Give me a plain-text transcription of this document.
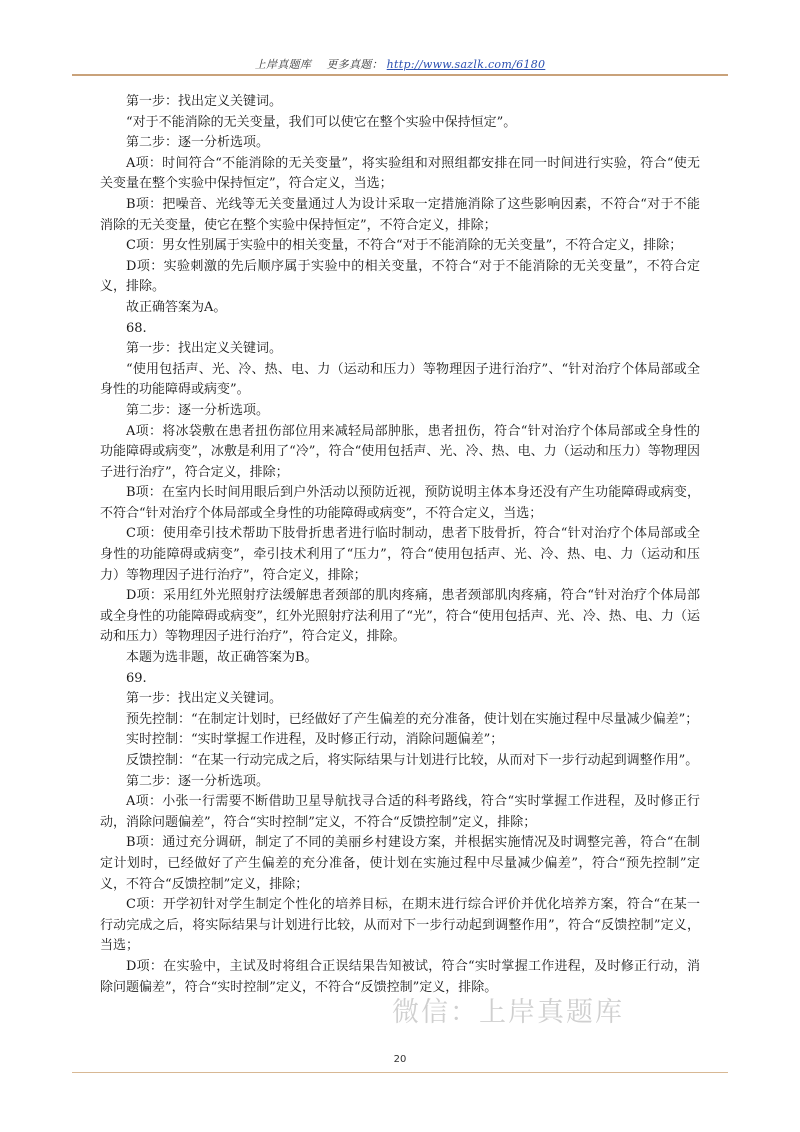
上岸真题库 更多真题： http://www.sazlk.com/6180

第一步：找出定义关键词。

“对于不能消除的无关变量，我们可以使它在整个实验中保持恒定”。

第二步：逐一分析选项。

A项：时间符合“不能消除的无关变量”，将实验组和对照组都安排在同一时间进行实验，符合“使无关变量在整个实验中保持恒定”，符合定义，当选；

B项：把噪音、光线等无关变量通过人为设计采取一定措施消除了这些影响因素，不符合“对于不能消除的无关变量，使它在整个实验中保持恒定”，不符合定义，排除；

C项：男女性别属于实验中的相关变量，不符合“对于不能消除的无关变量”，不符合定义，排除；

D项：实验刺激的先后顺序属于实验中的相关变量，不符合“对于不能消除的无关变量”，不符合定义，排除。

故正确答案为A。

68.

第一步：找出定义关键词。

“使用包括声、光、冷、热、电、力（运动和压力）等物理因子进行治疗”、“针对治疗个体局部或全身性的功能障碍或病变”。

第二步：逐一分析选项。

A项：将冰袋敷在患者扭伤部位用来减轻局部肿胀，患者扭伤，符合“针对治疗个体局部或全身性的功能障碍或病变”，冰敷是利用了“冷”，符合“使用包括声、光、冷、热、电、力（运动和压力）等物理因子进行治疗”，符合定义，排除；

B项：在室内长时间用眼后到户外活动以预防近视，预防说明主体本身还没有产生功能障碍或病变，不符合“针对治疗个体局部或全身性的功能障碍或病变”，不符合定义，当选；

C项：使用牵引技术帮助下肢骨折患者进行临时制动，患者下肢骨折，符合“针对治疗个体局部或全身性的功能障碍或病变”，牵引技术利用了“压力”，符合“使用包括声、光、冷、热、电、力（运动和压力）等物理因子进行治疗”，符合定义，排除；

D项：采用红外光照射疗法缓解患者颈部的肌肉疼痛，患者颈部肌肉疼痛，符合“针对治疗个体局部或全身性的功能障碍或病变”，红外光照射疗法利用了“光”，符合“使用包括声、光、冷、热、电、力（运动和压力）等物理因子进行治疗”，符合定义，排除。

本题为选非题，故正确答案为B。

69.

第一步：找出定义关键词。

预先控制：“在制定计划时，已经做好了产生偏差的充分准备，使计划在实施过程中尽量减少偏差”；

实时控制：“实时掌握工作进程，及时修正行动，消除问题偏差”；

反馈控制：“在某一行动完成之后，将实际结果与计划进行比较，从而对下一步行动起到调整作用”。

第二步：逐一分析选项。

A项：小张一行需要不断借助卫星导航找寻合适的科考路线，符合“实时掌握工作进程，及时修正行动，消除问题偏差”，符合“实时控制”定义，不符合“反馈控制”定义，排除；

B项：通过充分调研，制定了不同的美丽乡村建设方案，并根据实施情况及时调整完善，符合“在制定计划时，已经做好了产生偏差的充分准备，使计划在实施过程中尽量减少偏差”，符合“预先控制”定义，不符合“反馈控制”定义，排除；

C项：开学初针对学生制定个性化的培养目标，在期末进行综合评价并优化培养方案，符合“在某一行动完成之后，将实际结果与计划进行比较，从而对下一步行动起到调整作用”，符合“反馈控制”定义，当选；

D项：在实验中，主试及时将组合正误结果告知被试，符合“实时掌握工作进程，及时修正行动，消除问题偏差”，符合“实时控制”定义，不符合“反馈控制”定义，排除。

微信：上岸真题库
20
